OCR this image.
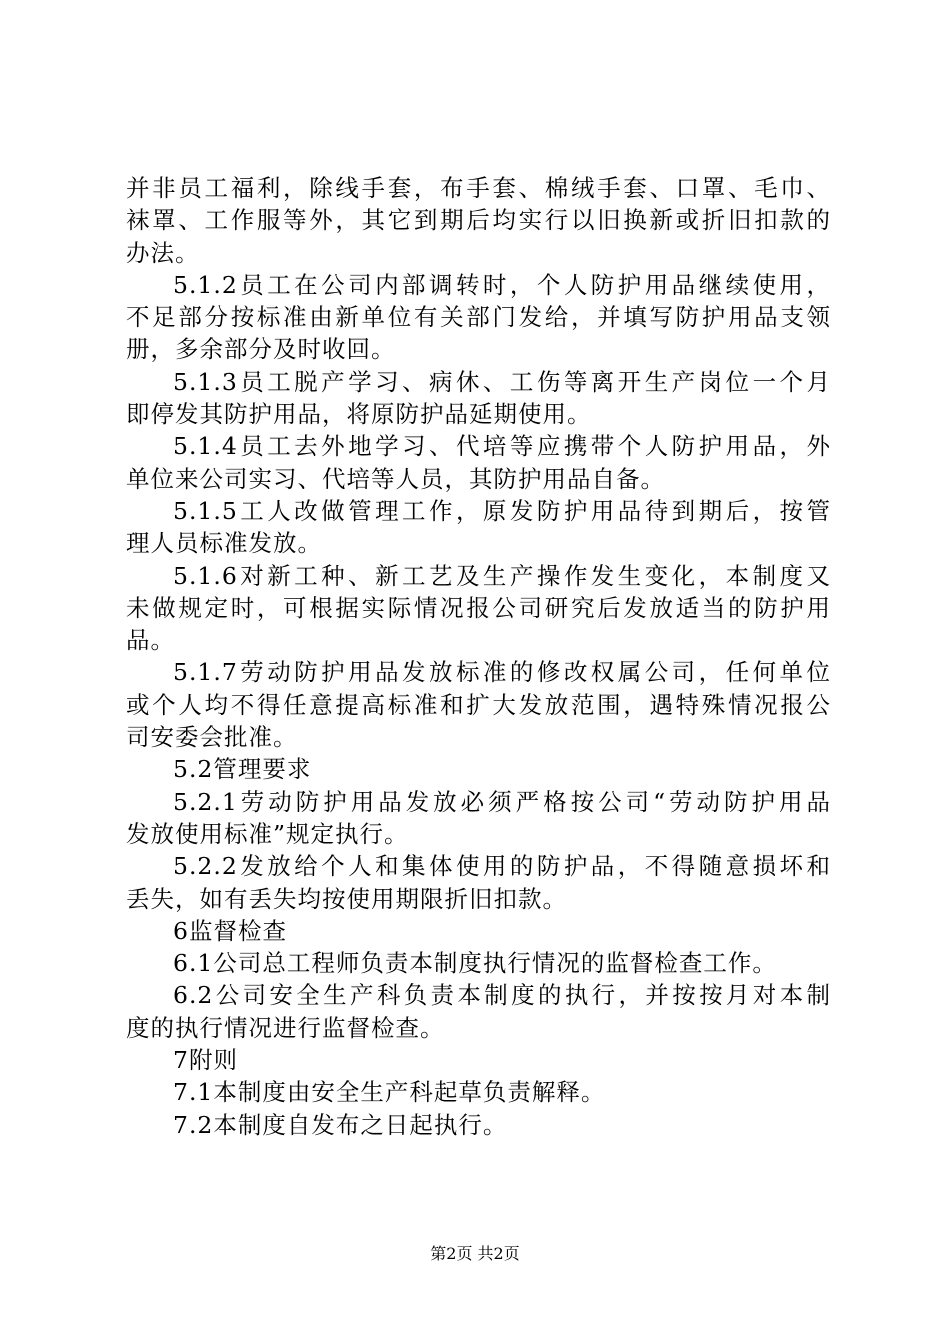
并非员工福利，除线手套，布手套、棉绒手套、口罩、毛巾、
袜罩、工作服等外，其它到期后均实行以旧换新或折旧扣款的
办法。
5.1.2员工在公司内部调转时，个人防护用品继续使用，
不足部分按标准由新单位有关部门发给，并填写防护用品支领
册，多余部分及时收回。
5.1.3员工脱产学习、病休、工伤等离开生产岗位一个月
即停发其防护用品，将原防护品延期使用。
5.1.4员工去外地学习、代培等应携带个人防护用品，外
单位来公司实习、代培等人员，其防护用品自备。
5.1.5工人改做管理工作，原发防护用品待到期后，按管
理人员标准发放。
5.1.6对新工种、新工艺及生产操作发生变化，本制度又
未做规定时，可根据实际情况报公司研究后发放适当的防护用
品。
5.1.7劳动防护用品发放标准的修改权属公司，任何单位
或个人均不得任意提高标准和扩大发放范围，遇特殊情况报公
司安委会批准。
5.2管理要求
5.2.1劳动防护用品发放必须严格按公司“劳动防护用品
发放使用标准”规定执行。
5.2.2发放给个人和集体使用的防护品，不得随意损坏和
丢失，如有丢失均按使用期限折旧扣款。
6监督检查
6.1公司总工程师负责本制度执行情况的监督检查工作。
6.2公司安全生产科负责本制度的执行，并按按月对本制
度的执行情况进行监督检查。
7附则
7.1本制度由安全生产科起草负责解释。
7.2本制度自发布之日起执行。
第2页 共2页
